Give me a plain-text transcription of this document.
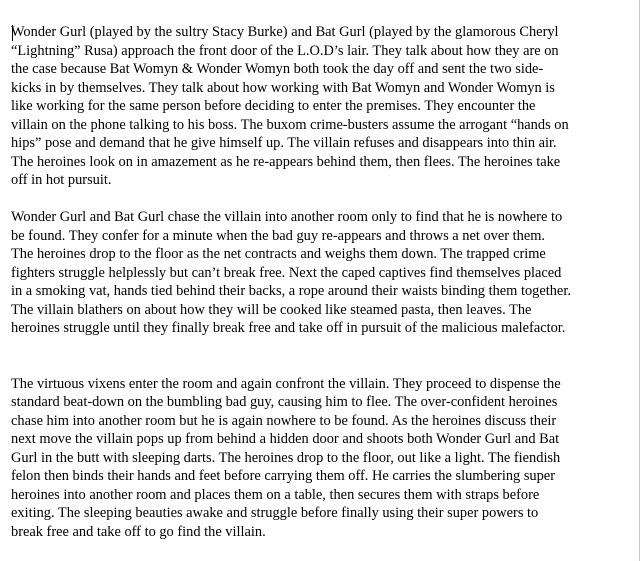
Wonder Gurl (played by the sultry Stacy Burke) and Bat Gurl (played by the glamorous Cheryl
“Lightning” Rusa) approach the front door of the L.O.D’s lair. They talk about how they are on
the case because Bat Womyn & Wonder Womyn both took the day off and sent the two side-
kicks in by themselves. They talk about how working with Bat Womyn and Wonder Womyn is
like working for the same person before deciding to enter the premises. They encounter the
villain on the phone talking to his boss. The buxom crime-busters assume the arrogant “hands on
hips” pose and demand that he give himself up. The villain refuses and disappears into thin air.
The heroines look on in amazement as he re-appears behind them, then flees. The heroines take
off in hot pursuit.
Wonder Gurl and Bat Gurl chase the villain into another room only to find that he is nowhere to
be found. They confer for a minute when the bad guy re-appears and throws a net over them.
The heroines drop to the floor as the net contracts and weighs them down. The trapped crime
fighters struggle helplessly but can’t break free. Next the caped captives find themselves placed
in a smoking vat, hands tied behind their backs, a rope around their waists binding them together.
The villain blathers on about how they will be cooked like steamed pasta, then leaves. The
heroines struggle until they finally break free and take off in pursuit of the malicious malefactor.
The virtuous vixens enter the room and again confront the villain. They proceed to dispense the
standard beat-down on the bumbling bad guy, causing him to flee. The over-confident heroines
chase him into another room but he is again nowhere to be found. As the heroines discuss their
next move the villain pops up from behind a hidden door and shoots both Wonder Gurl and Bat
Gurl in the butt with sleeping darts. The heroines drop to the floor, out like a light. The fiendish
felon then binds their hands and feet before carrying them off. He carries the slumbering super
heroines into another room and places them on a table, then secures them with straps before
exiting. The sleeping beauties awake and struggle before finally using their super powers to
break free and take off to go find the villain.
